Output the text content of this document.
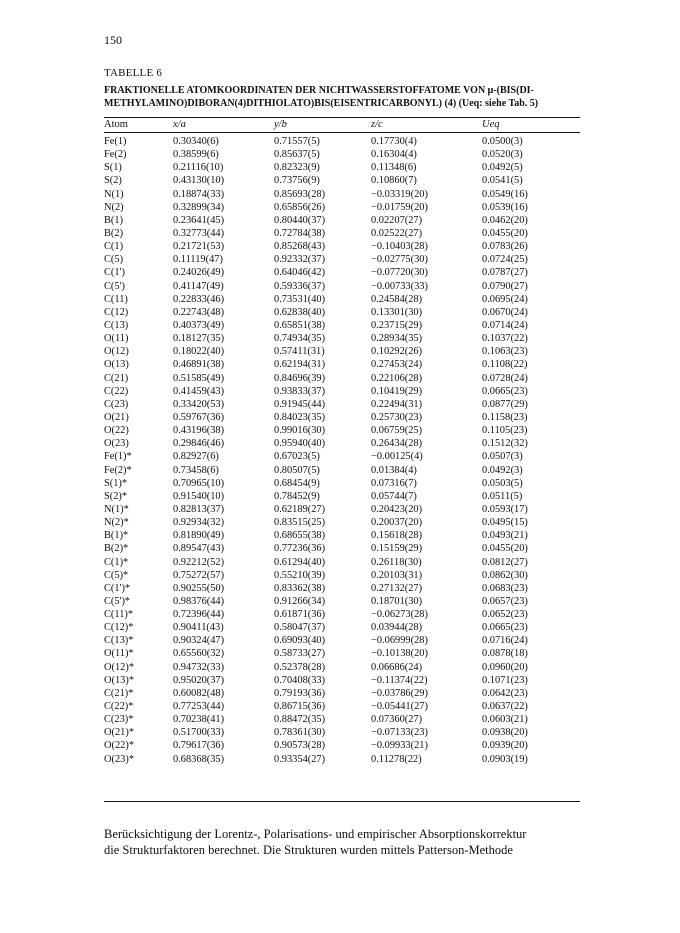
150
TABELLE 6
FRAKTIONELLE ATOMKOORDINATEN DER NICHTWASSERSTOFFATOME VON μ-(BIS(DI-METHYLAMINO)DIBORAN(4)DITHIOLATO)BIS(EISENTRICARBONYL) (4) (Ueq: siehe Tab. 5)
Atom	x/a	y/b	z/c	Ueq
Fe(1)	0.30340(6)	0.71557(5)	0.17730(4)	0.0500(3)
Fe(2)	0.38599(6)	0.85637(5)	0.16304(4)	0.0520(3)
S(1)	0.21116(10)	0.82323(9)	0.11348(6)	0.0492(5)
S(2)	0.43130(10)	0.73756(9)	0.10860(7)	0.0541(5)
N(1)	0.18874(33)	0.85693(28)	−0.03319(20)	0.0549(16)
N(2)	0.32899(34)	0.65856(26)	−0.01759(20)	0.0539(16)
B(1)	0.23641(45)	0.80440(37)	0.02207(27)	0.0462(20)
B(2)	0.32773(44)	0.72784(38)	0.02522(27)	0.0455(20)
C(1)	0.21721(53)	0.85268(43)	−0.10403(28)	0.0783(26)
C(5)	0.11119(47)	0.92332(37)	−0.02775(30)	0.0724(25)
C(1')	0.24026(49)	0.64046(42)	−0.07720(30)	0.0787(27)
C(5')	0.41147(49)	0.59336(37)	−0.00733(33)	0.0790(27)
C(11)	0.22833(46)	0.73531(40)	0.24584(28)	0.0695(24)
C(12)	0.22743(48)	0.62838(40)	0.13301(30)	0.0670(24)
C(13)	0.40373(49)	0.65851(38)	0.23715(29)	0.0714(24)
O(11)	0.18127(35)	0.74934(35)	0.28934(35)	0.1037(22)
O(12)	0.18022(40)	0.57411(31)	0.10292(26)	0.1063(23)
O(13)	0.46891(38)	0.62194(31)	0.27453(24)	0.1108(22)
C(21)	0.51585(49)	0.84696(39)	0.22106(28)	0.0728(24)
C(22)	0.41459(43)	0.93833(37)	0.10419(29)	0.0665(23)
C(23)	0.33420(53)	0.91945(44)	0.22494(31)	0.0877(29)
O(21)	0.59767(36)	0.84023(35)	0.25730(23)	0.1158(23)
O(22)	0.43196(38)	0.99016(30)	0.06759(25)	0.1105(23)
O(23)	0.29846(46)	0.95940(40)	0.26434(28)	0.1512(32)
Fe(1)*	0.82927(6)	0.67023(5)	−0.00125(4)	0.0507(3)
Fe(2)*	0.73458(6)	0.80507(5)	0.01384(4)	0.0492(3)
S(1)*	0.70965(10)	0.68454(9)	0.07316(7)	0.0503(5)
S(2)*	0.91540(10)	0.78452(9)	0.05744(7)	0.0511(5)
N(1)*	0.82813(37)	0.62189(27)	0.20423(20)	0.0593(17)
N(2)*	0.92934(32)	0.83515(25)	0.20037(20)	0.0495(15)
B(1)*	0.81890(49)	0.68655(38)	0.15618(28)	0.0493(21)
B(2)*	0.89547(43)	0.77236(36)	0.15159(29)	0.0455(20)
C(1)*	0.92212(52)	0.61294(40)	0.26118(30)	0.0812(27)
C(5)*	0.75272(57)	0.55210(39)	0.20103(31)	0.0862(30)
C(1')*	0.90255(50)	0.83362(38)	0.27132(27)	0.0683(23)
C(5')*	0.98376(44)	0.91266(34)	0.18701(30)	0.0657(23)
C(11)*	0.72396(44)	0.61871(36)	−0.06273(28)	0.0652(23)
C(12)*	0.90411(43)	0.58047(37)	0.03944(28)	0.0665(23)
C(13)*	0.90324(47)	0.69093(40)	−0.06999(28)	0.0716(24)
O(11)*	0.65560(32)	0.58733(27)	−0.10138(20)	0.0878(18)
O(12)*	0.94732(33)	0.52378(28)	0.06686(24)	0.0960(20)
O(13)*	0.95020(37)	0.70408(33)	−0.11374(22)	0.1071(23)
C(21)*	0.60082(48)	0.79193(36)	−0.03786(29)	0.0642(23)
C(22)*	0.77253(44)	0.86715(36)	−0.05441(27)	0.0637(22)
C(23)*	0.70238(41)	0.88472(35)	0.07360(27)	0.0603(21)
O(21)*	0.51700(33)	0.78361(30)	−0.07133(23)	0.0938(20)
O(22)*	0.79617(36)	0.90573(28)	−0.09933(21)	0.0939(20)
O(23)*	0.68368(35)	0.93354(27)	0.11278(22)	0.0903(19)
Berücksichtigung der Lorentz-, Polarisations- und empirischer Absorptionskorrektur
die Strukturfaktoren berechnet. Die Strukturen wurden mittels Patterson-Methode
